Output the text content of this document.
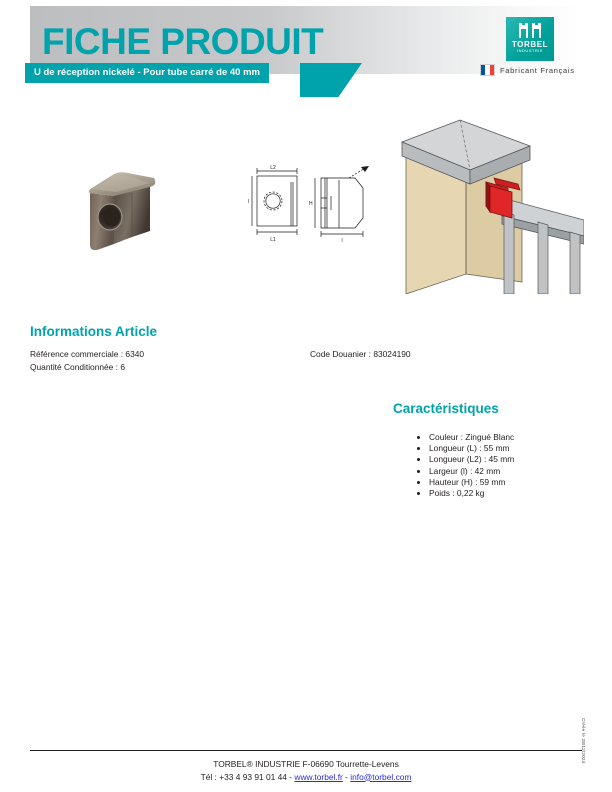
FICHE PRODUIT
U de réception nickelé - Pour tube carré de 40 mm
TORBEL
INDUSTRIE
Fabricant Français
L2
L1
l	H
l
Informations Article
Référence commerciale : 6340
Quantité Conditionnée : 6
Code Douanier : 83024190
Caractéristiques
• Couleur : Zingué Blanc
• Longueur (L) : 55 mm
• Longueur (L2) : 45 mm
• Largeur (l) : 42 mm
• Hauteur (H) : 59 mm
• Poids : 0,22 kg
Créée le 28/12/2024
TORBEL® INDUSTRIE F-06690 Tourrette-Levens
Tél : +33 4 93 91 01 44 - www.torbel.fr - info@torbel.com
